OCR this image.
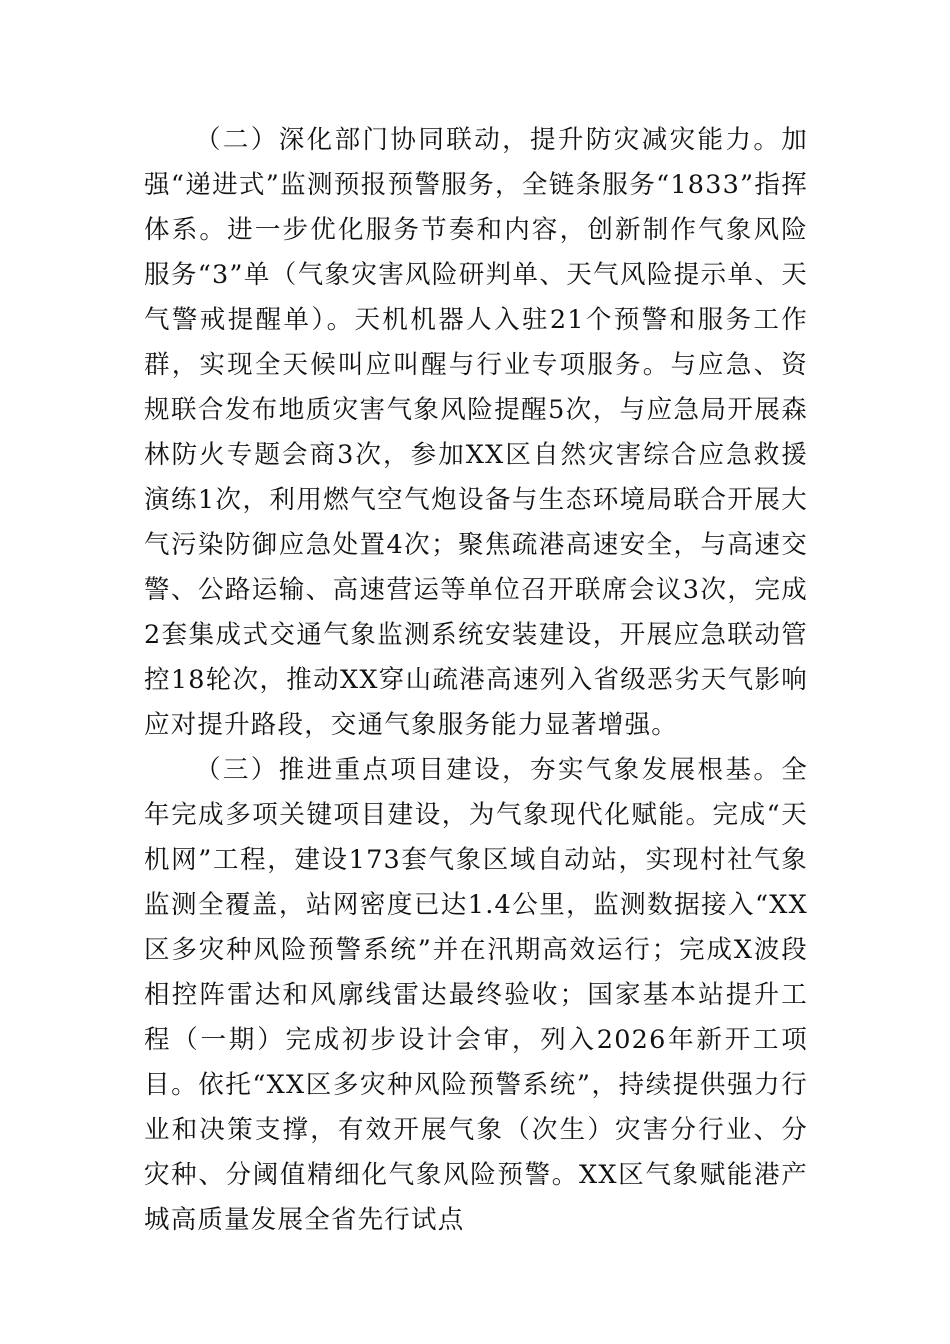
（二）深化部门协同联动，提升防灾减灾能力。加强“递进式”监测预报预警服务，全链条服务“1833”指挥体系。进一步优化服务节奏和内容，创新制作气象风险服务“3”单（气象灾害风险研判单、天气风险提示单、天气警戒提醒单）。天机机器人入驻21个预警和服务工作群，实现全天候叫应叫醒与行业专项服务。与应急、资规联合发布地质灾害气象风险提醒5次，与应急局开展森林防火专题会商3次，参加XX区自然灾害综合应急救援演练1次，利用燃气空气炮设备与生态环境局联合开展大气污染防御应急处置4次；聚焦疏港高速安全，与高速交警、公路运输、高速营运等单位召开联席会议3次，完成2套集成式交通气象监测系统安装建设，开展应急联动管控18轮次，推动XX穿山疏港高速列入省级恶劣天气影响应对提升路段，交通气象服务能力显著增强。

（三）推进重点项目建设，夯实气象发展根基。全年完成多项关键项目建设，为气象现代化赋能。完成“天机网”工程，建设173套气象区域自动站，实现村社气象监测全覆盖，站网密度已达1.4公里，监测数据接入“XX区多灾种风险预警系统”并在汛期高效运行；完成X波段相控阵雷达和风廓线雷达最终验收；国家基本站提升工程（一期）完成初步设计会审，列入2026年新开工项目。依托“XX区多灾种风险预警系统”，持续提供强力行业和决策支撑，有效开展气象（次生）灾害分行业、分灾种、分阈值精细化气象风险预警。XX区气象赋能港产城高质量发展全省先行试点
